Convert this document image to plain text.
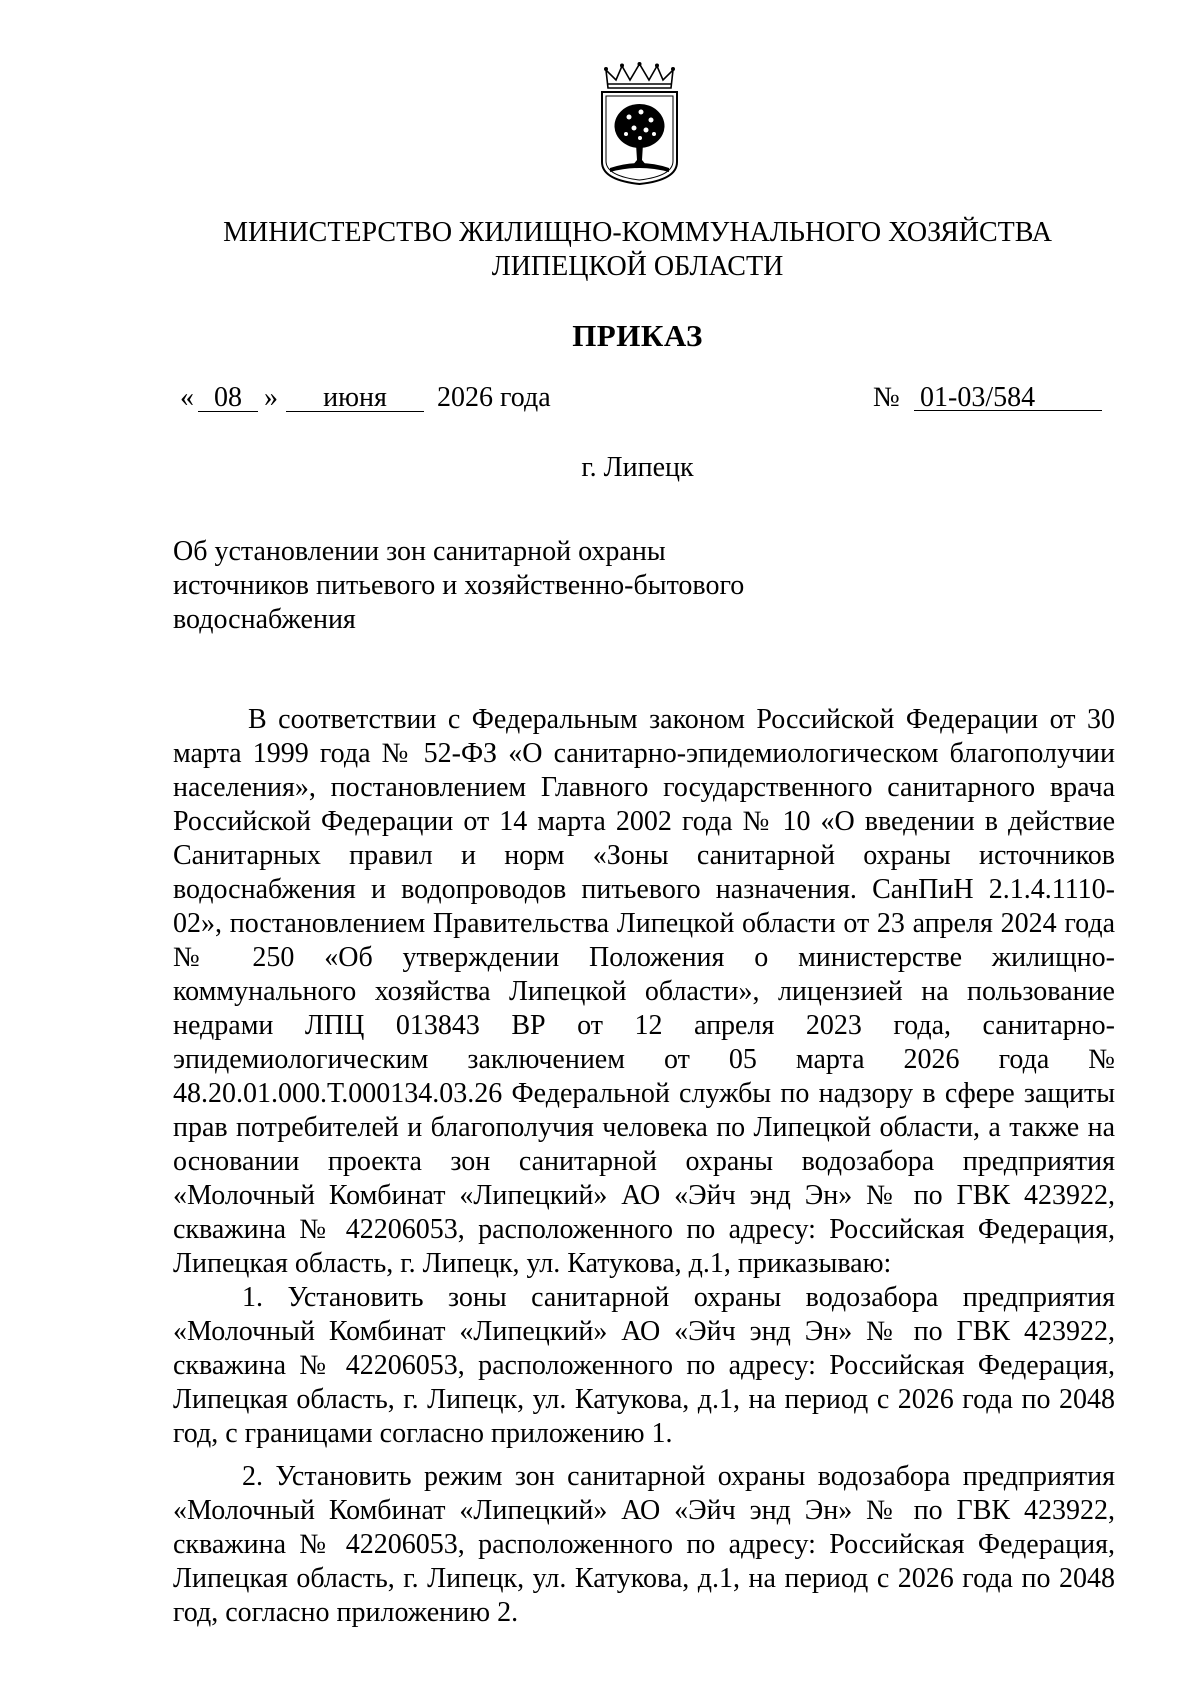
МИНИСТЕРСТВО ЖИЛИЩНО-КОММУНАЛЬНОГО ХОЗЯЙСТВА
ЛИПЕЦКОЙ ОБЛАСТИ
ПРИКАЗ
« 08 »	июня	2026 года	№ 01-03/584
г. Липецк
Об установлении зон санитарной охраны
источников питьевого и хозяйственно-бытового
водоснабжения

В соответствии с Федеральным законом Российской Федерации от 30 марта 1999 года № 52-ФЗ «О санитарно-эпидемиологическом благополучии населения», постановлением Главного государственного санитарного врача Российской Федерации от 14 марта 2002 года № 10 «О введении в действие Санитарных правил и норм «Зоны санитарной охраны источников водоснабжения и водопроводов питьевого назначения. СанПиН 2.1.4.1110-02», постановлением Правительства Липецкой области от 23 апреля 2024 года № 250 «Об утверждении Положения о министерстве жилищно-коммунального хозяйства Липецкой области», лицензией на пользование недрами ЛПЦ 013843 ВР от 12 апреля 2023 года, санитарно-эпидемиологическим заключением от 05 марта 2026 года № 48.20.01.000.Т.000134.03.26 Федеральной службы по надзору в сфере защиты прав потребителей и благополучия человека по Липецкой области, а также на основании проекта зон санитарной охраны водозабора предприятия «Молочный Комбинат «Липецкий» АО «Эйч энд Эн» № по ГВК 423922, скважина № 42206053, расположенного по адресу: Российская Федерация, Липецкая область, г. Липецк, ул. Катукова, д.1, приказываю:

1. Установить зоны санитарной охраны водозабора предприятия «Молочный Комбинат «Липецкий» АО «Эйч энд Эн» № по ГВК 423922, скважина № 42206053, расположенного по адресу: Российская Федерация, Липецкая область, г. Липецк, ул. Катукова, д.1, на период с 2026 года по 2048 год, с границами согласно приложению 1.

2. Установить режим зон санитарной охраны водозабора предприятия «Молочный Комбинат «Липецкий» АО «Эйч энд Эн» № по ГВК 423922, скважина № 42206053, расположенного по адресу: Российская Федерация, Липецкая область, г. Липецк, ул. Катукова, д.1, на период с 2026 года по 2048 год, согласно приложению 2.
